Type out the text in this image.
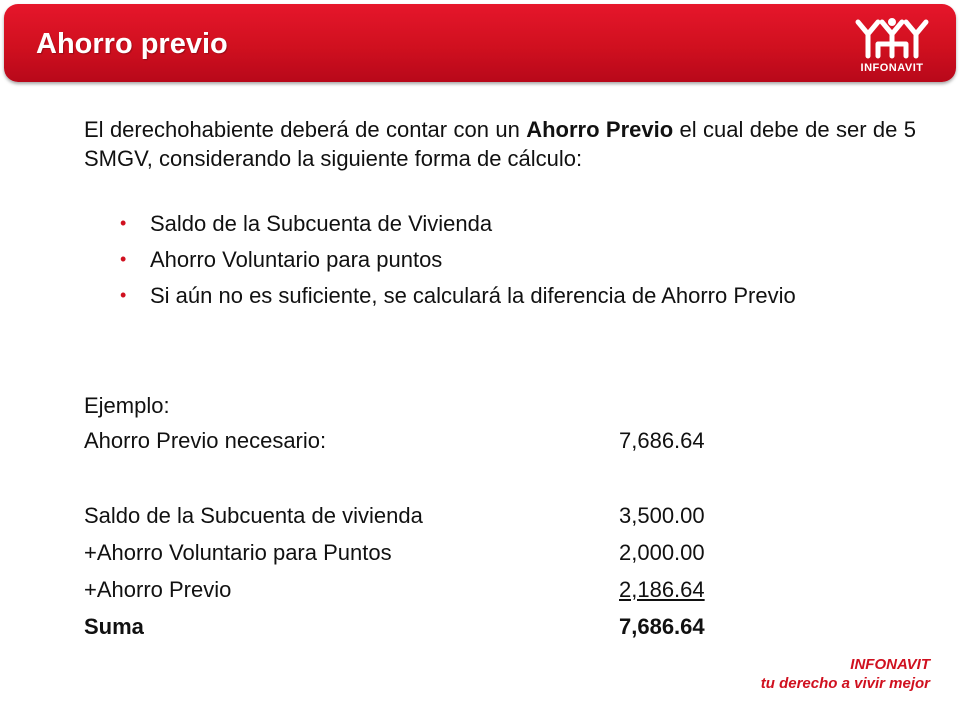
Ahorro previo
INFONAVIT
El derechohabiente deberá de contar con un Ahorro Previo el cual debe de ser de 5 SMGV, considerando la siguiente forma de cálculo:
• Saldo de la Subcuenta de Vivienda
• Ahorro Voluntario para puntos
• Si aún no es suficiente, se calculará la diferencia de Ahorro Previo
Ejemplo:
Ahorro Previo necesario:	7,686.64
Saldo de la Subcuenta de vivienda	3,500.00
+Ahorro Voluntario para Puntos	2,000.00
+Ahorro Previo	2,186.64
Suma	7,686.64
INFONAVIT
tu derecho a vivir mejor
